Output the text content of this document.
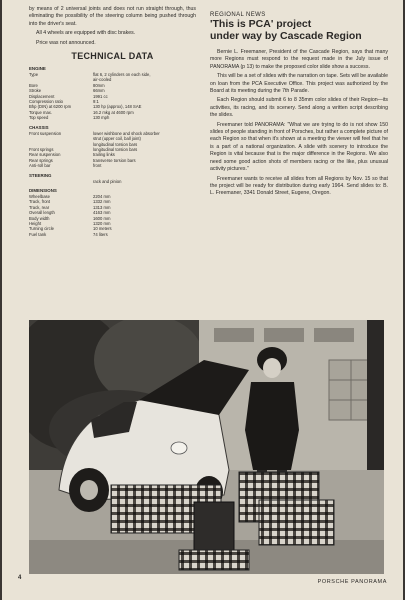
by means of 2 universal joints and does not run straight through, thus eliminating the possibility of the steering column being pushed through into the driver's seat.

All 4 wheels are equipped with disc brakes.

Price was not announced.

TECHNICAL DATA
ENGINE
Type	flat 6, 2 cylinders on each side,
air-cooled
Bore	80mm
Stroke	66mm
Displacement	1991 cc
Compression ratio	9:1
Bhp (DIN) at 6200 rpm	130 hp (approx), 148 SAE
Torque max.	16.2 mkg at 4600 rpm
Top speed	130 mph
CHASSIS
Front suspension	lower wishbone and shock absorber
strut (upper coil, ball joint)
longitudinal torsion bars
Front springs	longitudinal torsion bars
Rear suspension	trailing links
Rear springs	transverse torsion bars
Anti-roll bar	front
STEERING
rack and pinion
DIMENSIONS
Wheelbase	2204 mm
Track, front	1332 mm
Track, rear	1313 mm
Overall length	4163 mm
Body width	1600 mm
Height	1320 mm
Turning circle	10 meters
Fuel tank	74 liters
REGIONAL NEWS
'This is PCA' project
under way by Cascade Region

Bernie L. Freemaner, President of the Cascade Region, says that many more Regions must respond to the request made in the July issue of PANORAMA (p 13) to make the proposed color slide show a success.

This will be a set of slides with the narration on tape. Sets will be available on loan from the PCA Executive Office. This project was authorized by the Board at its meeting during the 7th Parade.

Each Region should submit 6 to 8 35mm color slides of their Region—its activities, its racing, and its scenery. Send along a written script describing the slides.

Freemaner told PANORAMA: "What we are trying to do is not show 150 slides of people standing in front of Porsches, but rather a complete picture of each Region so that when it's shown at a meeting the viewer will feel that he is a part of a national organization. A slide with scenery to introduce the Region is vital because that is the major difference in the Regions. We also need some good action shots of members racing or the like, plus unusual activity pictures."

Freemaner wants to receive all slides from all Regions by Nov. 15 so that the project will be ready for distribution during early 1964. Send slides to: B. L. Freemaner, 3341 Donald Street, Eugene, Oregon.

4
PORSCHE PANORAMA
